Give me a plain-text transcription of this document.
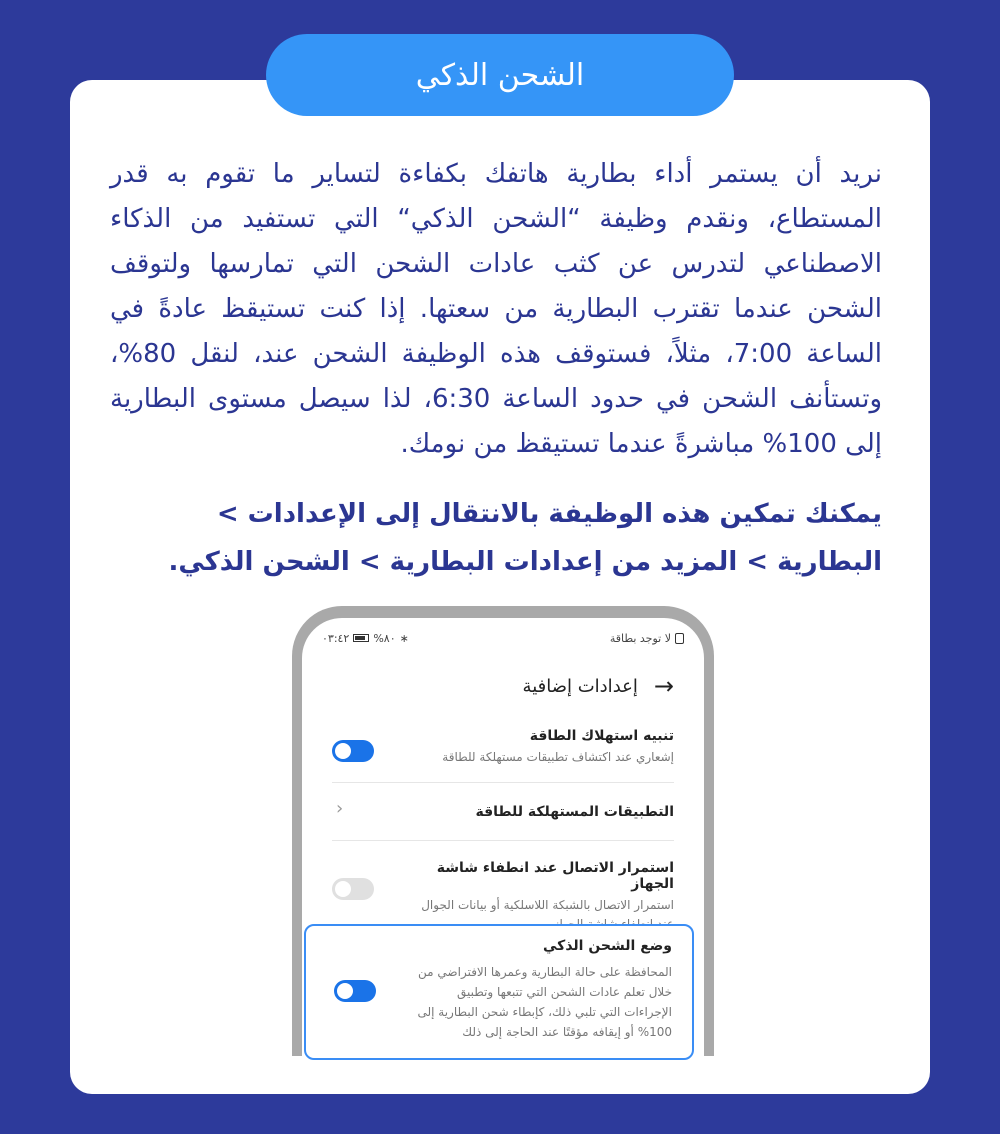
الشحن الذكي

نريد أن يستمر أداء بطارية هاتفك بكفاءة لتساير ما تقوم به قدر المستطاع، ونقدم وظيفة “الشحن الذكي“ التي تستفيد من الذكاء الاصطناعي لتدرس عن كثب عادات الشحن التي تمارسها ولتوقف الشحن عندما تقترب البطارية من سعتها. إذا كنت تستيقظ عادةً في الساعة 7:00، مثلاً، فستوقف هذه الوظيفة الشحن عند، لنقل 80%، وتستأنف الشحن في حدود الساعة 6:30، لذا سيصل مستوى البطارية إلى 100% مباشرةً عندما تستيقظ من نومك.

يمكنك تمكين هذه الوظيفة بالانتقال إلى الإعدادات > البطارية > المزيد من إعدادات البطارية > الشحن الذكي.

لا توجد بطاقة
٠٣:٤٢ %٨٠ ∗
→
إعدادات إضافية
تنبيه استهلاك الطاقة
إشعاري عند اكتشاف تطبيقات مستهلكة للطاقة
التطبيقات المستهلكة للطاقة
‹
استمرار الاتصال عند انطفاء شاشة الجهاز
استمرار الاتصال بالشبكة اللاسلكية أو بيانات الجوال
وضع الشحن الذكي
المحافظة على حالة البطارية وعمرها الافتراضي من خلال تعلم عادات الشحن التي تتبعها وتطبيق الإجراءات التي تلبي ذلك، كإبطاء شحن البطارية إلى 100% أو إيقافه مؤقتًا عند الحاجة إلى ذلك
